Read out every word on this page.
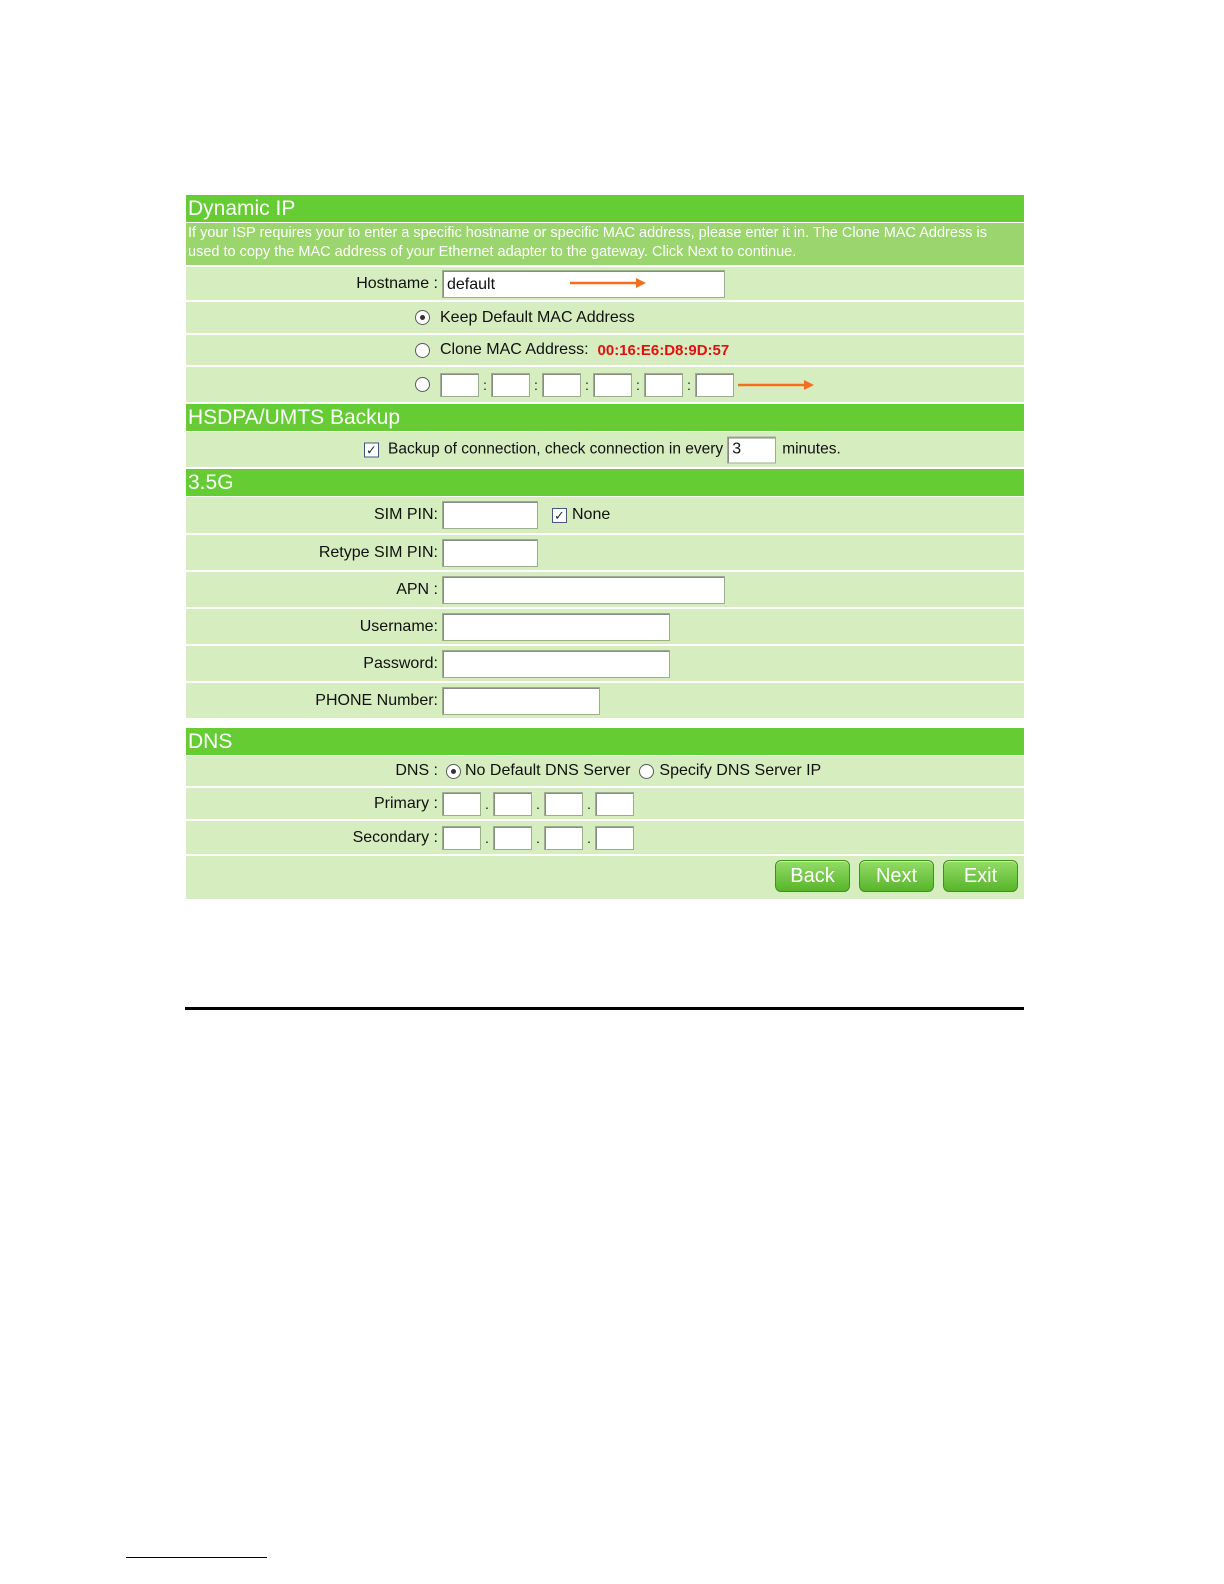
Dynamic IP
If your ISP requires your to enter a specific hostname or specific MAC address, please enter it in. The Clone MAC Address is used to copy the MAC address of your Ethernet adapter to the gateway. Click Next to continue.
Hostname : default
Keep Default MAC Address
Clone MAC Address: 00:16:E6:D8:9D:57
:	:	:	:	:
HSDPA/UMTS Backup
✓ Backup of connection, check connection in every 3	minutes.
3.5G
SIM PIN:	✓ None
Retype SIM PIN:
APN :
Username:
Password:
PHONE Number:
DNS
DNS : No Default DNS Server Specify DNS Server IP
Primary :	.	.	.
Secondary :	.	.	.
Back	Next	Exit
